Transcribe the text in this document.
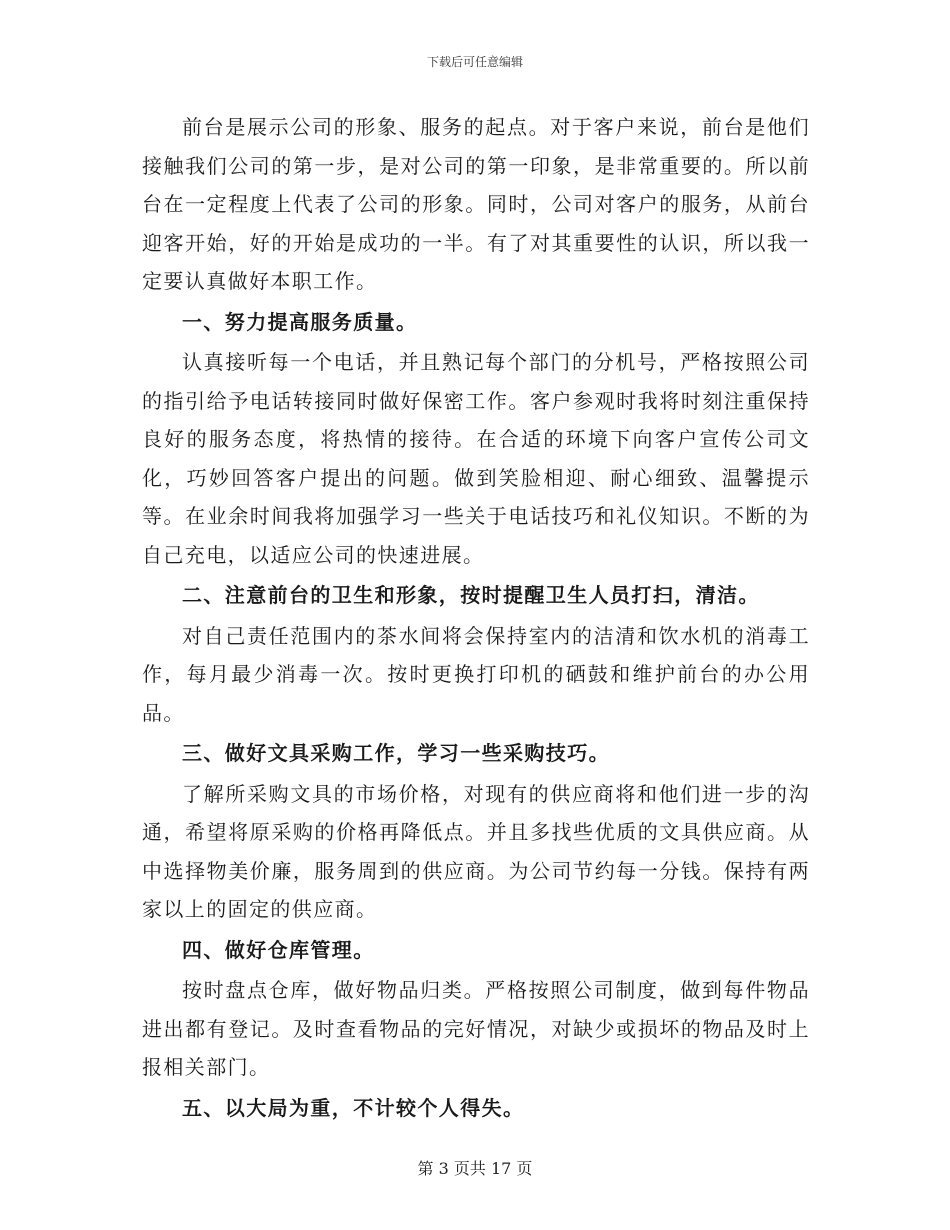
下载后可任意编辑

前台是展示公司的形象、服务的起点。对于客户来说，前台是他们接触我们公司的第一步，是对公司的第一印象，是非常重要的。所以前台在一定程度上代表了公司的形象。同时，公司对客户的服务，从前台迎客开始，好的开始是成功的一半。有了对其重要性的认识，所以我一定要认真做好本职工作。

一、努力提高服务质量。

认真接听每一个电话，并且熟记每个部门的分机号，严格按照公司的指引给予电话转接同时做好保密工作。客户参观时我将时刻注重保持良好的服务态度，将热情的接待。在合适的环境下向客户宣传公司文化，巧妙回答客户提出的问题。做到笑脸相迎、耐心细致、温馨提示等。在业余时间我将加强学习一些关于电话技巧和礼仪知识。不断的为自己充电，以适应公司的快速进展。

二、注意前台的卫生和形象，按时提醒卫生人员打扫，清洁。

对自己责任范围内的茶水间将会保持室内的洁清和饮水机的消毒工作，每月最少消毒一次。按时更换打印机的硒鼓和维护前台的办公用品。

三、做好文具采购工作，学习一些采购技巧。

了解所采购文具的市场价格，对现有的供应商将和他们进一步的沟通，希望将原采购的价格再降低点。并且多找些优质的文具供应商。从中选择物美价廉，服务周到的供应商。为公司节约每一分钱。保持有两家以上的固定的供应商。

四、做好仓库管理。

按时盘点仓库，做好物品归类。严格按照公司制度，做到每件物品进出都有登记。及时查看物品的完好情况，对缺少或损坏的物品及时上报相关部门。

五、以大局为重，不计较个人得失。

第 3 页共 17 页
